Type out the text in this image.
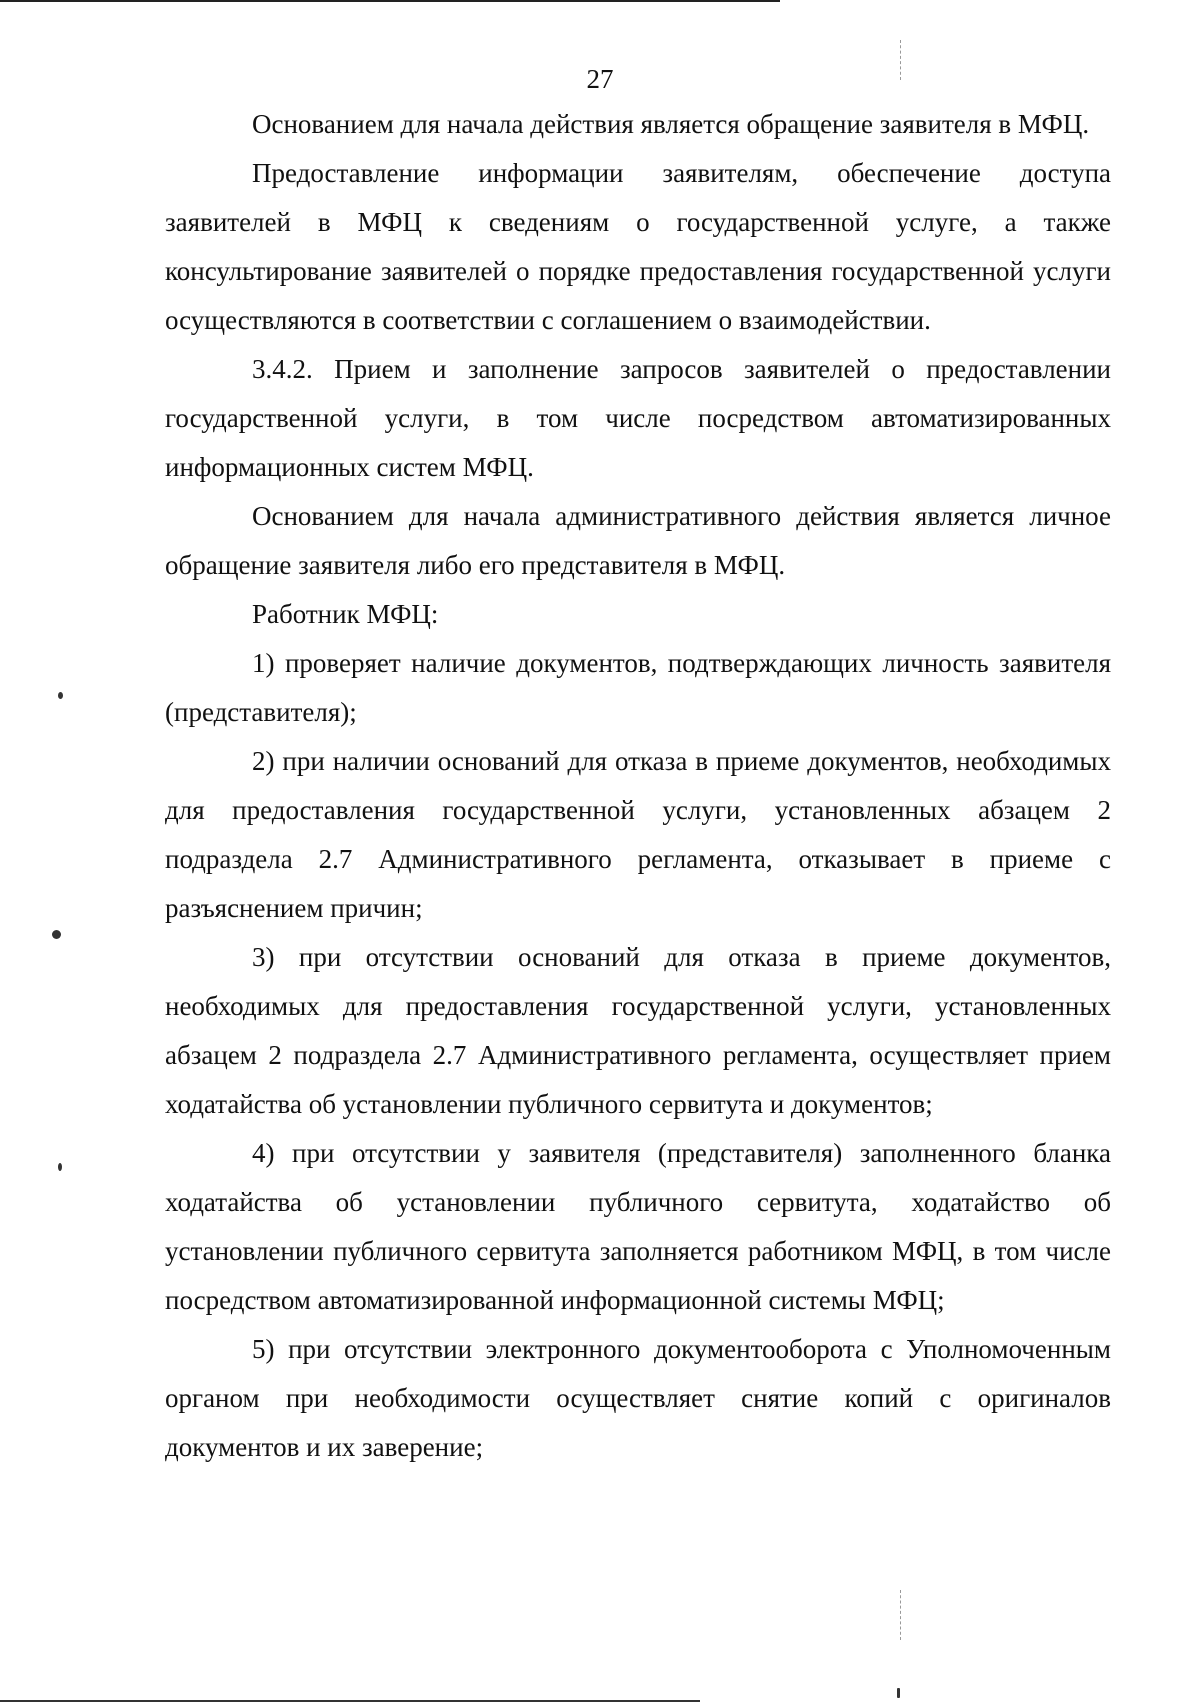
27

Основанием для начала действия является обращение заявителя в МФЦ.

Предоставление информации заявителям, обеспечение доступа заявителей в МФЦ к сведениям о государственной услуге, а также консультирование заявителей о порядке предоставления государственной услуги осуществляются в соответствии с соглашением о взаимодействии.

3.4.2. Прием и заполнение запросов заявителей о предоставлении государственной услуги, в том числе посредством автоматизированных информационных систем МФЦ.

Основанием для начала административного действия является личное обращение заявителя либо его представителя в МФЦ.

Работник МФЦ:

1) проверяет наличие документов, подтверждающих личность заявителя (представителя);

2) при наличии оснований для отказа в приеме документов, необходимых для предоставления государственной услуги, установленных абзацем 2 подраздела 2.7 Административного регламента, отказывает в приеме с разъяснением причин;

3) при отсутствии оснований для отказа в приеме документов, необходимых для предоставления государственной услуги, установленных абзацем 2 подраздела 2.7 Административного регламента, осуществляет прием ходатайства об установлении публичного сервитута и документов;

4) при отсутствии у заявителя (представителя) заполненного бланка ходатайства об установлении публичного сервитута, ходатайство об установлении публичного сервитута заполняется работником МФЦ, в том числе посредством автоматизированной информационной системы МФЦ;

5) при отсутствии электронного документооборота с Уполномоченным органом при необходимости осуществляет снятие копий с оригиналов документов и их заверение;
